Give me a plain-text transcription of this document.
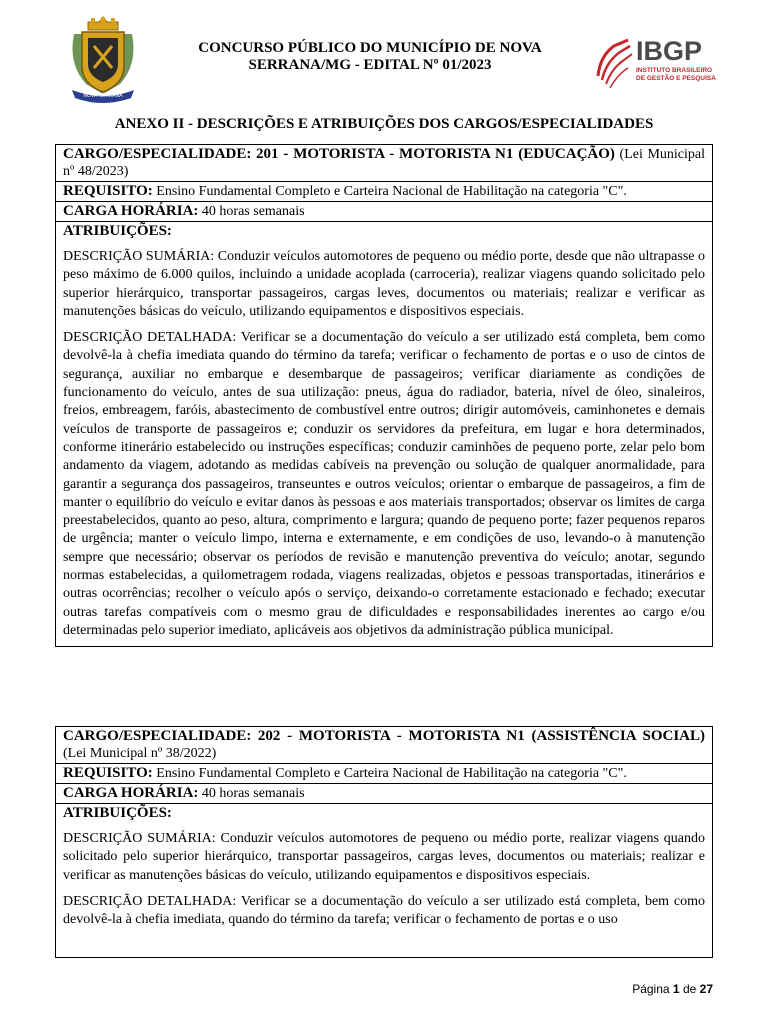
NOVA SERRANA
CONCURSO PÚBLICO DO MUNICÍPIO DE NOVA
SERRANA/MG - EDITAL Nº 01/2023	IBGP
INSTITUTO BRASILEIRO
DE GESTÃO E PESQUISA
ANEXO II - DESCRIÇÕES E ATRIBUIÇÕES DOS CARGOS/ESPECIALIDADES
CARGO/ESPECIALIDADE: 201 - MOTORISTA - MOTORISTA N1 (EDUCAÇÃO) (Lei Municipal nº 48/2023)
REQUISITO: Ensino Fundamental Completo e Carteira Nacional de Habilitação na categoria "C".
CARGA HORÁRIA: 40 horas semanais
ATRIBUIÇÕES:

DESCRIÇÃO SUMÁRIA: Conduzir veículos automotores de pequeno ou médio porte, desde que não ultrapasse o peso máximo de 6.000 quilos, incluindo a unidade acoplada (carroceria), realizar viagens quando solicitado pelo superior hierárquico, transportar passageiros, cargas leves, documentos ou materiais; realizar e verificar as manutenções básicas do veículo, utilizando equipamentos e dispositivos especiais.

DESCRIÇÃO DETALHADA: Verificar se a documentação do veículo a ser utilizado está completa, bem como devolvê-la à chefia imediata quando do término da tarefa; verificar o fechamento de portas e o uso de cintos de segurança, auxiliar no embarque e desembarque de passageiros; verificar diariamente as condições de funcionamento do veículo, antes de sua utilização: pneus, água do radiador, bateria, nível de óleo, sinaleiros, freios, embreagem, faróis, abastecimento de combustível entre outros; dirigir automóveis, caminhonetes e demais veículos de transporte de passageiros e; conduzir os servidores da prefeitura, em lugar e hora determinados, conforme itinerário estabelecido ou instruções específicas; conduzir caminhões de pequeno porte, zelar pelo bom andamento da viagem, adotando as medidas cabíveis na prevenção ou solução de qualquer anormalidade, para garantir a segurança dos passageiros, transeuntes e outros veículos; orientar o embarque de passageiros, a fim de manter o equilíbrio do veículo e evitar danos às pessoas e aos materiais transportados; observar os limites de carga preestabelecidos, quanto ao peso, altura, comprimento e largura; quando de pequeno porte; fazer pequenos reparos de urgência; manter o veículo limpo, interna e externamente, e em condições de uso, levando-o à manutenção sempre que necessário; observar os períodos de revisão e manutenção preventiva do veículo; anotar, segundo normas estabelecidas, a quilometragem rodada, viagens realizadas, objetos e pessoas transportadas, itinerários e outras ocorrências; recolher o veículo após o serviço, deixando-o corretamente estacionado e fechado; executar outras tarefas compatíveis com o mesmo grau de dificuldades e responsabilidades inerentes ao cargo e/ou determinadas pelo superior imediato, aplicáveis aos objetivos da administração pública municipal.

CARGO/ESPECIALIDADE: 202 - MOTORISTA - MOTORISTA N1 (ASSISTÊNCIA SOCIAL) (Lei Municipal nº 38/2022)
REQUISITO: Ensino Fundamental Completo e Carteira Nacional de Habilitação na categoria "C".
CARGA HORÁRIA: 40 horas semanais
ATRIBUIÇÕES:

DESCRIÇÃO SUMÁRIA: Conduzir veículos automotores de pequeno ou médio porte, realizar viagens quando solicitado pelo superior hierárquico, transportar passageiros, cargas leves, documentos ou materiais; realizar e verificar as manutenções básicas do veículo, utilizando equipamentos e dispositivos especiais.

DESCRIÇÃO DETALHADA: Verificar se a documentação do veículo a ser utilizado está completa, bem como devolvê-la à chefia imediata, quando do término da tarefa; verificar o fechamento de portas e o uso

Página 1 de 27
